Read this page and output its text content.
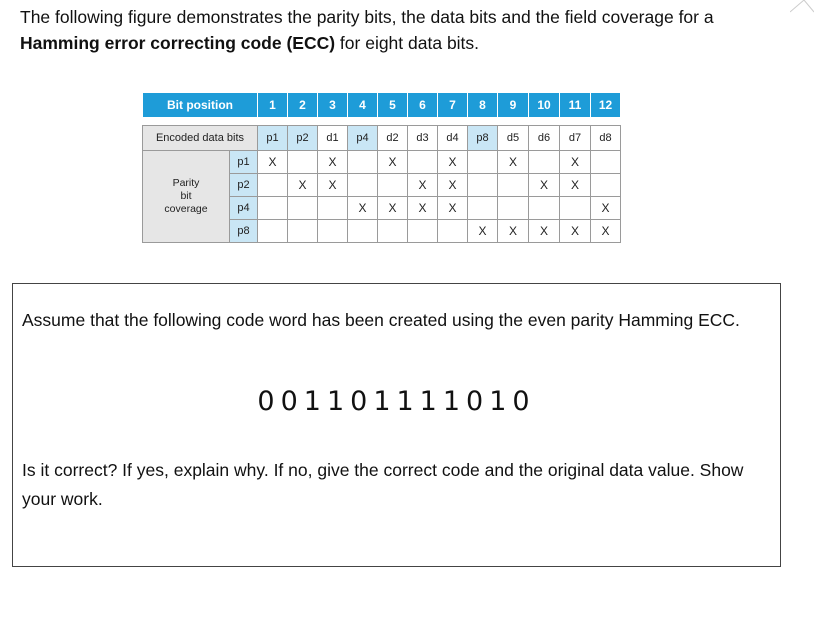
The following figure demonstrates the parity bits, the data bits and the field coverage for a
Hamming error correcting code (ECC) for eight data bits.
Bit position		1	2	3	4	5	6	7	8	9	10	11	12

Encoded data bits		p1	p2	d1	p4	d2	d3	d4	p8	d5	d6	d7	d8

Parity
bit
coverage	p1	X		X		X		X		X		X	
	p2		X	X			X	X			X	X	
	p4				X	X	X	X					X
	p8								X	X	X	X	X
Assume that the following code word has been created using the even parity Hamming ECC.
001101111010
Is it correct? If yes, explain why. If no, give the correct code and the original data value. Show your work.
